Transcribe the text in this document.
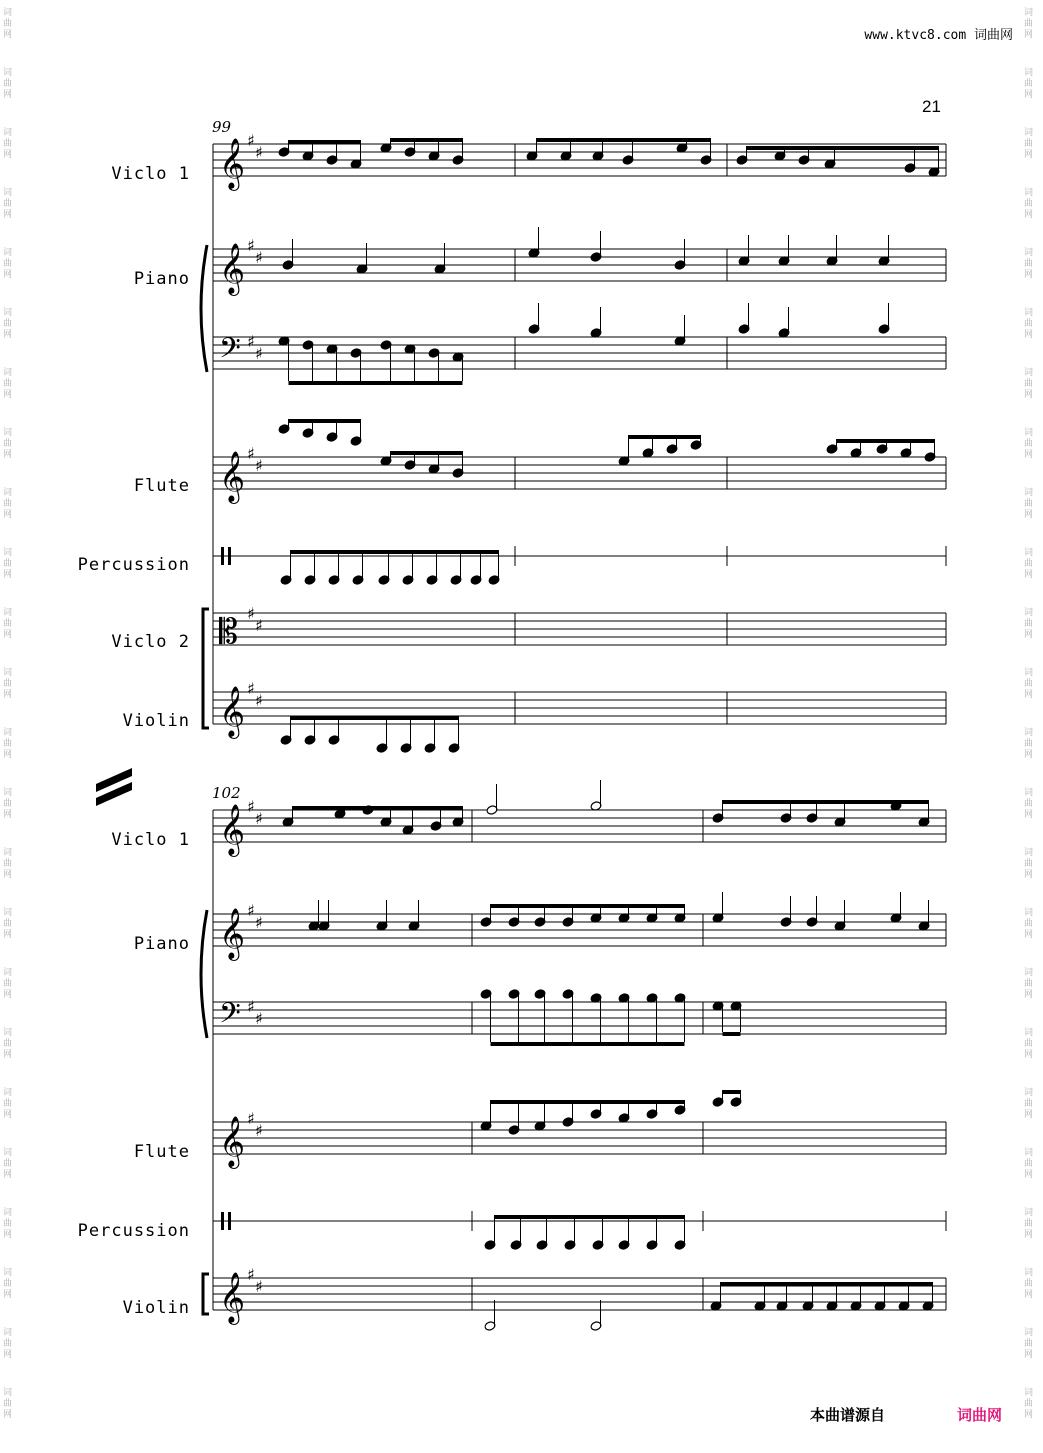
www.ktvc8.com 词曲网
21
词
曲
网
词
曲
网
词
曲
网
词
曲
网
词
曲
网
词
曲
网
词
曲
网
词
曲
网
词
曲
网
词
曲
网
词
曲
网
词
曲
网
词
曲
网
词
曲
网
词
曲
网
词
曲
网
词
曲
网
词
曲
网
词
曲
网
词
曲
网
词
曲
网
词
曲
网
词
曲
网
词
曲
网
词
曲
网
词
曲
网
词
曲
网
词
曲
网
词
曲
网
词
曲
网
词
曲
网
词
曲
网
词
曲
网
词
曲
网
词
曲
网
词
曲
网
词
曲
网
词
曲
网
词
曲
网
词
曲
网
词
曲
网
词
曲
网
词
曲
网
词
曲
网
词
曲
网
词
曲
网
词
曲
网
词
曲
网
99
102
Viclo 1
Piano
Flute
Percussion
Viclo 2
Violin
Viclo 1
Piano
Flute
Percussion
Violin
𝄞 ♯
♯
𝄞 ♯
♯
𝄢 ♯
♯
𝄞 ♯
♯
𝄡 ♯
♯
𝄞 ♯
♯
𝄞 ♯
♯
𝄞 ♯
♯
𝄢 ♯
♯
𝄞 ♯
♯
𝄞 ♯
♯
本曲谱源自	词曲网
